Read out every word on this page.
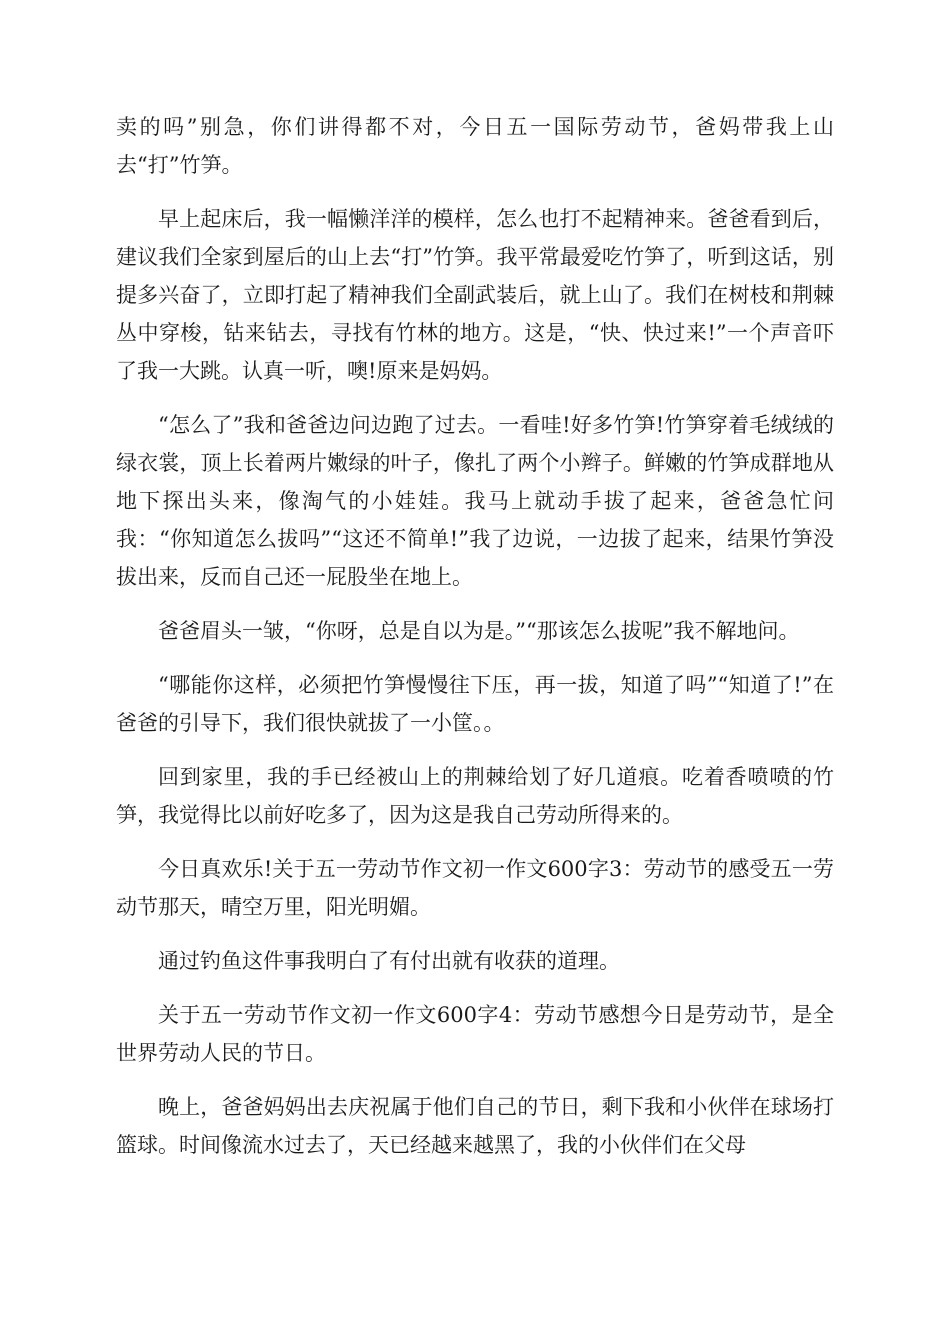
卖的吗”别急，你们讲得都不对，今日五一国际劳动节，爸妈带我上山去“打”竹笋。

早上起床后，我一幅懒洋洋的模样，怎么也打不起精神来。爸爸看到后，建议我们全家到屋后的山上去“打”竹笋。我平常最爱吃竹笋了，听到这话，别提多兴奋了，立即打起了精神我们全副武装后，就上山了。我们在树枝和荆棘丛中穿梭，钻来钻去，寻找有竹林的地方。这是，“快、快过来!”一个声音吓了我一大跳。认真一听，噢!原来是妈妈。

“怎么了”我和爸爸边问边跑了过去。一看哇!好多竹笋!竹笋穿着毛绒绒的绿衣裳，顶上长着两片嫩绿的叶子，像扎了两个小辫子。鲜嫩的竹笋成群地从地下探出头来，像淘气的小娃娃。我马上就动手拔了起来，爸爸急忙问我：“你知道怎么拔吗”“这还不简单!”我了边说，一边拔了起来，结果竹笋没拔出来，反而自己还一屁股坐在地上。

爸爸眉头一皱，“你呀，总是自以为是。”“那该怎么拔呢”我不解地问。

“哪能你这样，必须把竹笋慢慢往下压，再一拔，知道了吗”“知道了!”在爸爸的引导下，我们很快就拔了一小筐。。

回到家里，我的手已经被山上的荆棘给划了好几道痕。吃着香喷喷的竹笋，我觉得比以前好吃多了，因为这是我自己劳动所得来的。

今日真欢乐!关于五一劳动节作文初一作文600字3：劳动节的感受五一劳动节那天，晴空万里，阳光明媚。

通过钓鱼这件事我明白了有付出就有收获的道理。

关于五一劳动节作文初一作文600字4：劳动节感想今日是劳动节，是全世界劳动人民的节日。

晚上，爸爸妈妈出去庆祝属于他们自己的节日，剩下我和小伙伴在球场打篮球。时间像流水过去了，天已经越来越黑了，我的小伙伴们在父母
